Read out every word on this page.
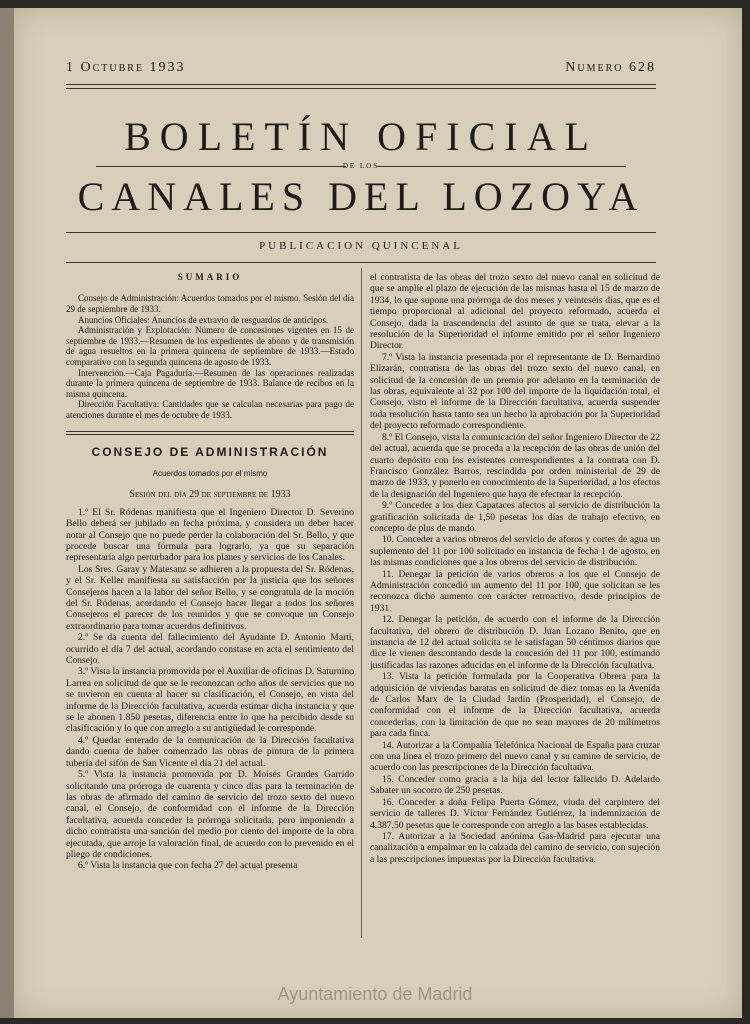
1 Octubre 1933	Numero 628
BOLETÍN OFICIAL
DE LOS
CANALES DEL LOZOYA
PUBLICACION QUINCENAL
SUMARIO

Consejo de Administración: Acuerdos tomados por el mismo. Sesión del día 29 de septiembre de 1933.

Anuncios Oficiales: Anuncios de extravío de resguardos de anticipos.

Administración y Explotación: Número de concesiones vigentes en 15 de septiembre de 1933.—Resumen de los expedientes de abono y de transmisión de agua resueltos en la primera quincena de septiembre de 1933.—Estado comparativo con la segunda quincena de agosto de 1933.

Intervención.—Caja Pagaduría.—Resumen de las operaciones realizadas durante la primera quincena de septiembre de 1933. Balance de recibos en la misma quincena.

Dirección Facultativa: Cantidades que se calculan necesarias para pago de atenciones durante el mes de octubre de 1933.

CONSEJO DE ADMINISTRACIÓN
Acuerdos tomados por el mismo
Sesión del día 29 de septiembre de 1933

1.º El Sr. Ródenas manifiesta que el Ingeniero Director D. Severino Bello deberá ser jubilado en fecha próxima, y considera un deber hacer notar al Consejo que no puede perder la colaboración del Sr. Bello, y que procede buscar una fórmula para lograrlo, ya que su separación representaría algo perturbador para los planes y servicios de los Canales.

Los Sres. Garay y Matesanz se adhieren a la propuesta del Sr. Ródenas, y el Sr. Keller manifiesta su satisfacción por la justicia que los señores Consejeros hacen a la labor del señor Bello, y se congratula de la moción del Sr. Ródenas, acordando el Consejo hacer llegar a todos los señores Consejeros el parecer de los reunidos y que se convoque un Consejo extraordinario para tomar acuerdos definitivos.

2.º Se da cuenta del fallecimiento del Ayudante D. Antonio Martí, ocurrido el día 7 del actual, acordando constase en acta el sentimiento del Consejo.

3.º Vista la instancia promovida por el Auxiliar de oficinas D. Saturnino Larrea en solicitud de que se le reconozcan ocho años de servicios que no se tuvieron en cuenta al hacer su clasificación, el Consejo, en vista del informe de la Dirección facultativa, acuerda estimar dicha instancia y que se le abonen 1.850 pesetas, diferencia entre lo que ha percibido desde su clasificación y lo que con arreglo a su antigüedad le corresponde.

4.º Quedar enterado de la comunicación de la Dirección facultativa dando cuenta de haber comenzado las obras de pintura de la primera tubería del sifón de San Vicente el día 21 del actual.

5.º Vista la instancia promovida por D. Moisés Grandes Garrido solicitando una prórroga de cuarenta y cinco días para la terminación de las obras de afirmado del camino de servicio del trozo sexto del nuevo canal, el Consejo, de conformidad con el informe de la Dirección facultativa, acuerda conceder la prórroga solicitada, pero imponiendo a dicho contratista una sanción del medio por ciento del importe de la obra ejecutada, que arroje la valoración final, de acuerdo con lo prevenido en el pliego de condiciones.

6.º Vista la instancia que con fecha 27 del actual presenta

el contratista de las obras del trozo sexto del nuevo canal en solicitud de que se amplíe el plazo de ejecución de las mismas hasta el 15 de marzo de 1934, lo que supone una prórroga de dos meses y veinteséis días, que es el tiempo proporcional al adicional del proyecto reformado, acuerda el Consejo, dada la trascendencia del asunto de que se trata, elevar a la resolución de la Superioridad el informe emitido por el señor Ingeniero Director.

7.º Vista la instancia presentada por el representante de D. Bernardino Elizarán, contratista de las obras del trozo sexto del nuevo canal, en solicitud de la concesión de un premio por adelanto en la terminación de las obras, equivalente al 32 por 100 del importe de la liquidación total, el Consejo, visto el informe de la Dirección facultativa, acuerda suspender toda resolución hasta tanto sea un hecho la aprobación por la Superioridad del proyecto reformado correspondiente.

8.º El Consejo, vista la comunicación del señor Ingeniero Director de 22 del actual, acuerda que se proceda a la recepción de las obras de unión del cuarto depósito con los existentes correspondientes a la contrata con D. Francisco González Barros, rescindida por orden ministerial de 29 de marzo de 1933, y ponerlo en conocimiento de la Superioridad, a los efectos de la designación del Ingeniero que haya de efectuar la recepción.

9.º Conceder a los diez Capataces afectos al servicio de distribución la gratificación solicitada de 1,50 pesetas los días de trabajo efectivo, en concepto de plus de mando.

10. Conceder a varios obreros del servicio de aforos y cortes de agua un suplemento del 11 por 100 solicitado en instancia de fecha 1 de agosto, en las mismas condiciones que a los obreros del servicio de distribución.

11. Denegar la petición de varios obreros a los que el Consejo de Administración concedió un aumento del 11 por 100, que solicitan se les reconozca dicho aumento con carácter retroactivo, desde principios de 1931.

12. Denegar la petición, de acuerdo con el informe de la Dirección facultativa, del obrero de distribución D. Juan Lozano Benito, que en instancia de 12 del actual solicita se le satisfagan 50 céntimos diarios que dice le vienen descontando desde la concesión del 11 por 100, estimando justificadas las razones aducidas en el informe de la Dirección facultativa.

13. Vista la petición formulada por la Cooperativa Obrera para la adquisición de viviendas baratas en solicitud de diez tomas en la Avenida de Carlos Marx de la Ciudad Jardín (Prosperidad), el Consejo, de conformidad con el informe de la Dirección facultativa, acuerda concederlas, con la limitación de que no sean mayores de 20 milímetros para cada finca.

14. Autorizar a la Compañía Telefónica Nacional de España para cruzar con una línea el trozo primero del nuevo canal y su camino de servicio, de acuerdo con las prescripciones de la Dirección facultativa.

15. Conceder como gracia a la hija del lector fallecido D. Adelardo Sabater un socorro de 250 pesetas.

16. Conceder a doña Felipa Puerta Gómez, viuda del carpintero del servicio de talleres D. Víctor Fernández Gutiérrez, la indemnización de 4.387,50 pesetas que le corresponde con arreglo a las bases establecidas.

17. Autorizar a la Sociedad anónima Gas-Madrid para ejecutar una canalización a empalmar en la calzada del camino de servicio, con sujeción a las prescripciones impuestas por la Dirección facultativa.

Ayuntamiento de Madrid
